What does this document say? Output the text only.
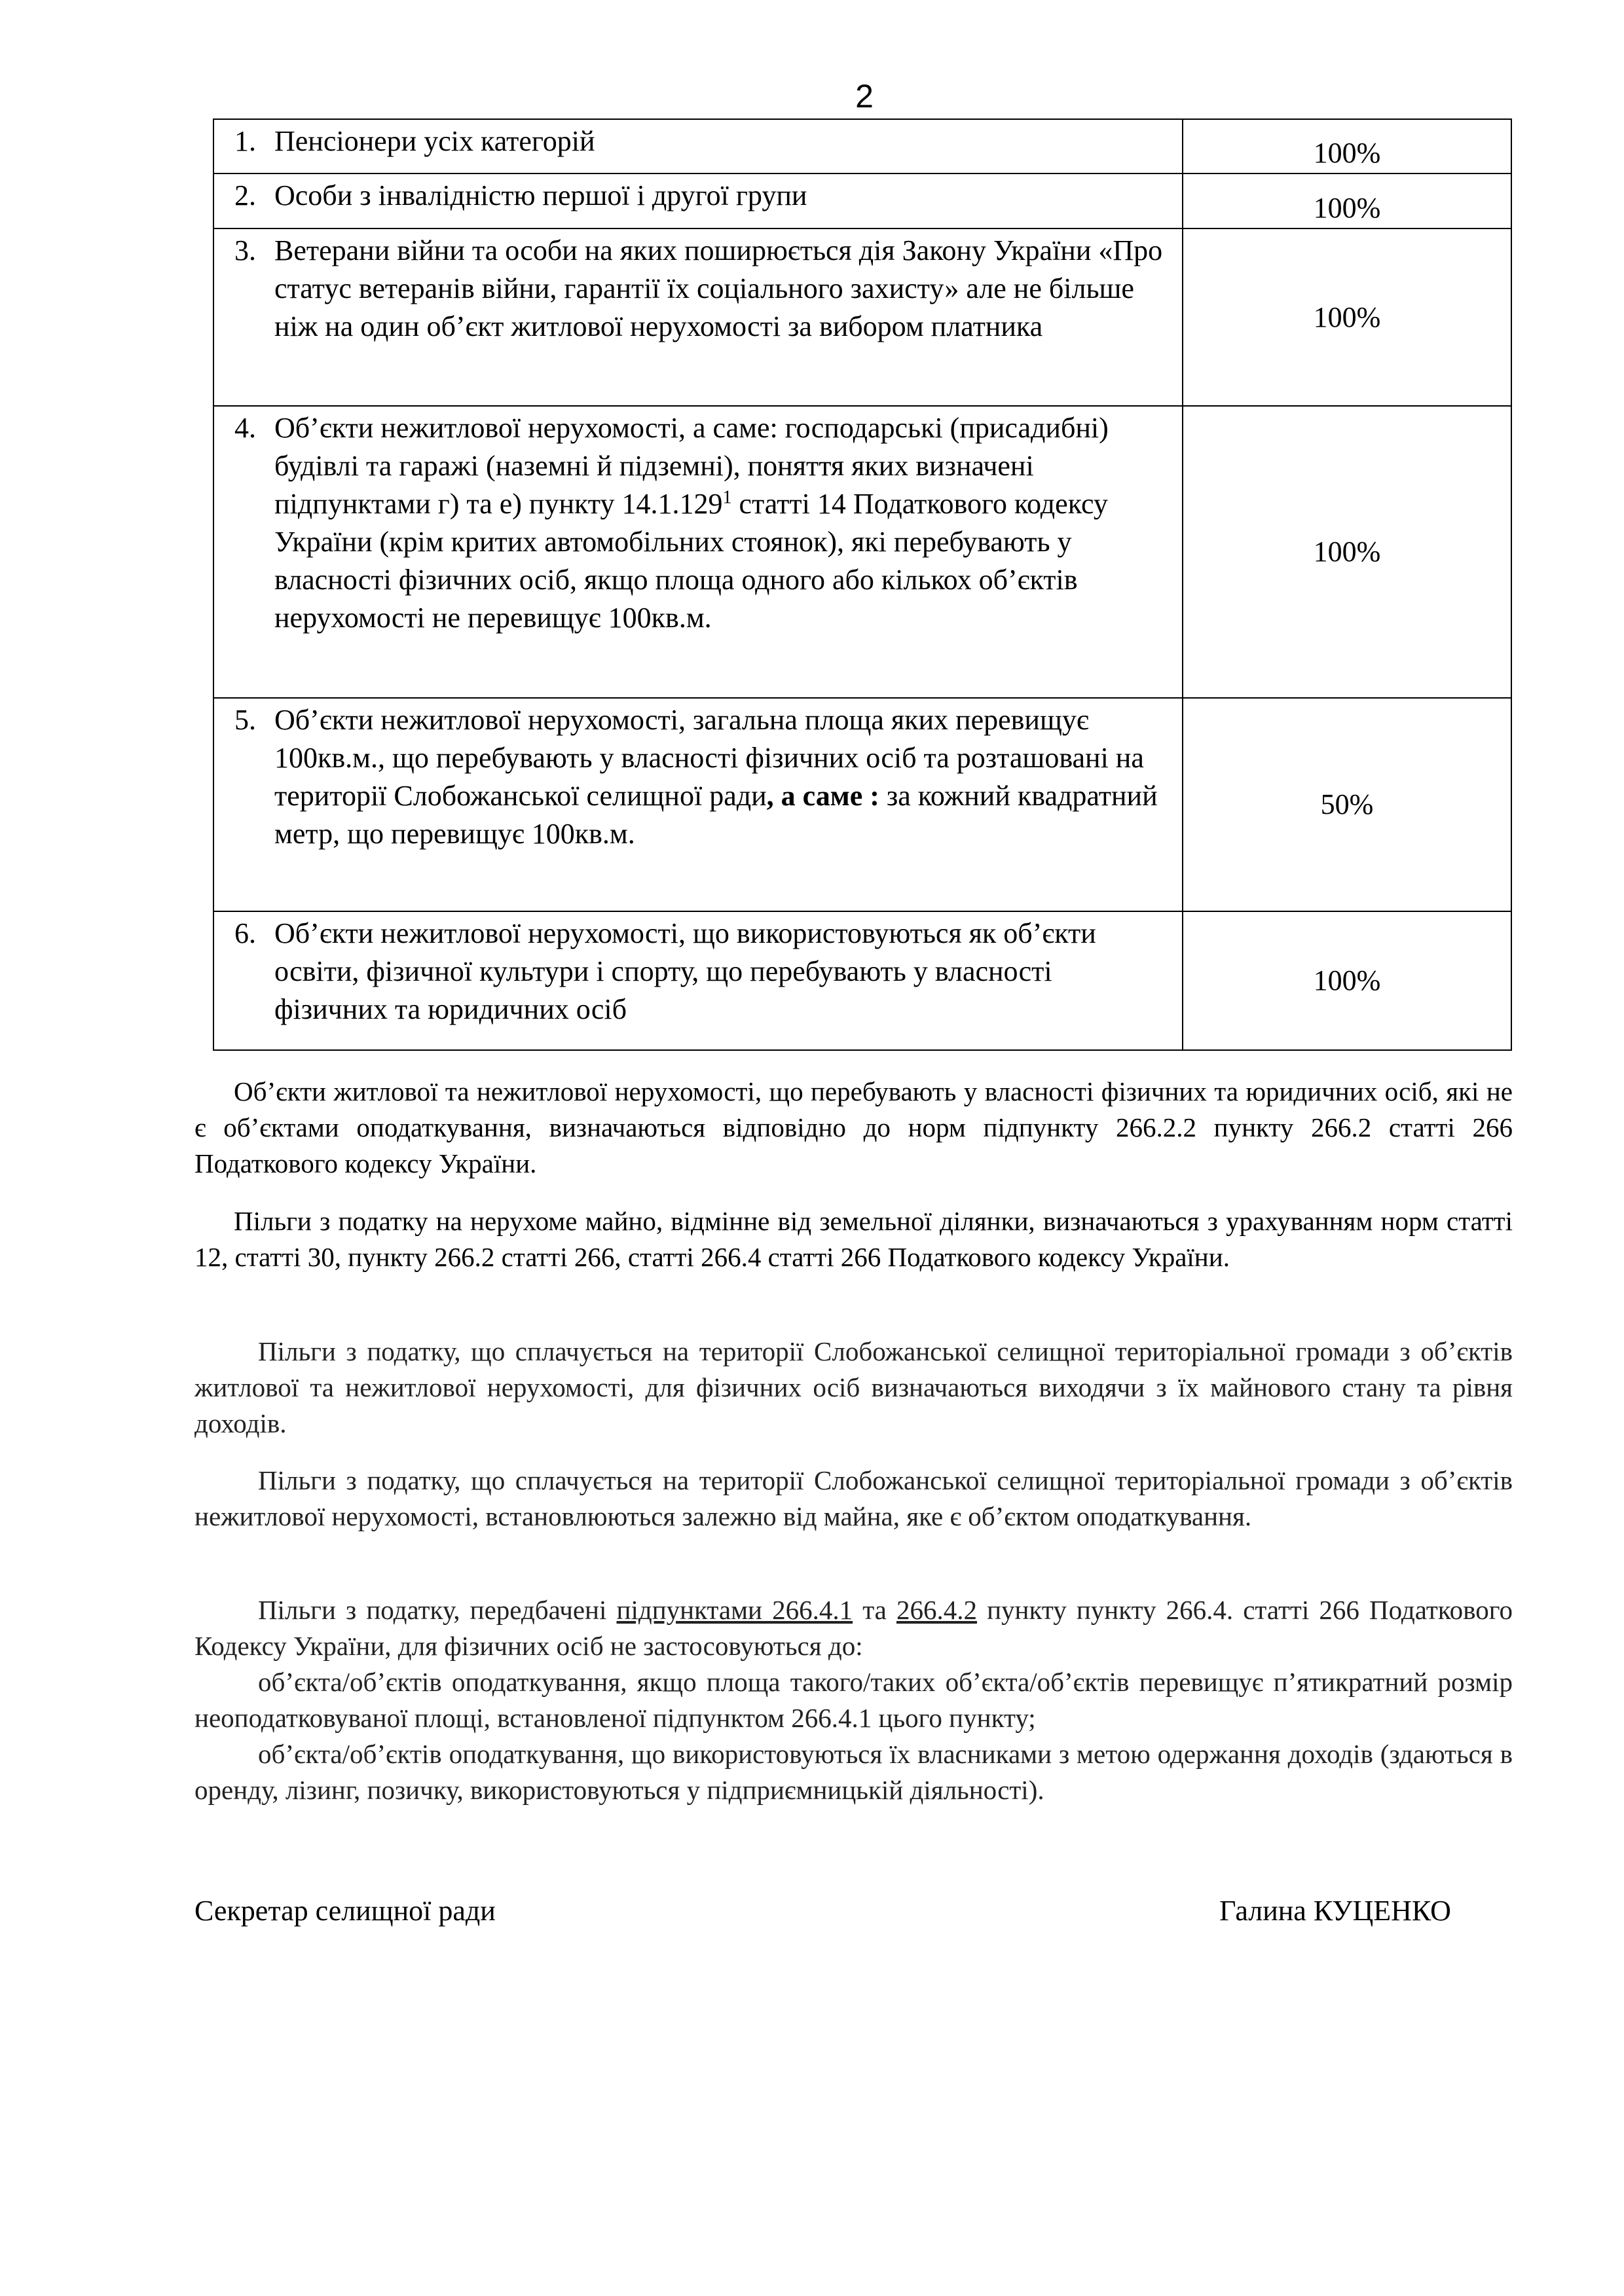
2
1. Пенсіонери усіх категорій	100%

2. Особи з інвалідністю першої і другої групи	100%

3. Ветерани війни та особи на яких поширюється дія Закону України «Про статус ветеранів війни, гарантії їх соціального захисту» але не більше ніж на один об’єкт житлової нерухомості за вибором платника	100%

4. Об’єкти нежитлової нерухомості, а саме: господарські (присадибні) будівлі та гаражі (наземні й підземні), поняття яких визначені підпунктами г) та е) пункту 14.1.129$^1$ статті 14 Податкового кодексу України (крім критих автомобільних стоянок), які перебувають у власності фізичних осіб, якщо площа одного або кількох об’єктів нерухомості не перевищує 100кв.м.	100%

5. Об’єкти нежитлової нерухомості, загальна площа яких перевищує 100кв.м., що перебувають у власності фізичних осіб та розташовані на території Слобожанської селищної ради, а саме : за кожний квадратний метр, що перевищує 100кв.м.	50%

6. Об’єкти нежитлової нерухомості, що використовуються як об’єкти освіти, фізичної культури і спорту, що перебувають у власності фізичних та юридичних осіб	100%

Об’єкти житлової та нежитлової нерухомості, що перебувають у власності фізичних та юридичних осіб, які не є об’єктами оподаткування, визначаються відповідно до норм підпункту 266.2.2 пункту 266.2 статті 266 Податкового кодексу України.

Пільги з податку на нерухоме майно, відмінне від земельної ділянки, визначаються з урахуванням норм статті 12, статті 30, пункту 266.2 статті 266, статті 266.4 статті 266 Податкового кодексу України.

Пільги з податку, що сплачується на території Слобожанської селищної територіальної громади з об’єктів житлової та нежитлової нерухомості, для фізичних осіб визначаються виходячи з їх майнового стану та рівня доходів.

Пільги з податку, що сплачується на території Слобожанської селищної територіальної громади з об’єктів нежитлової нерухомості, встановлюються залежно від майна, яке є об’єктом оподаткування.

Пільги з податку, передбачені підпунктами 266.4.1 та 266.4.2 пункту пункту 266.4. статті 266 Податкового Кодексу України, для фізичних осіб не застосовуються до:

об’єкта/об’єктів оподаткування, якщо площа такого/таких об’єкта/об’єктів перевищує п’ятикратний розмір неоподатковуваної площі, встановленої підпунктом 266.4.1 цього пункту;

об’єкта/об’єктів оподаткування, що використовуються їх власниками з метою одержання доходів (здаються в оренду, лізинг, позичку, використовуються у підприємницькій діяльності).

Секретар селищної ради	Галина КУЦЕНКО
